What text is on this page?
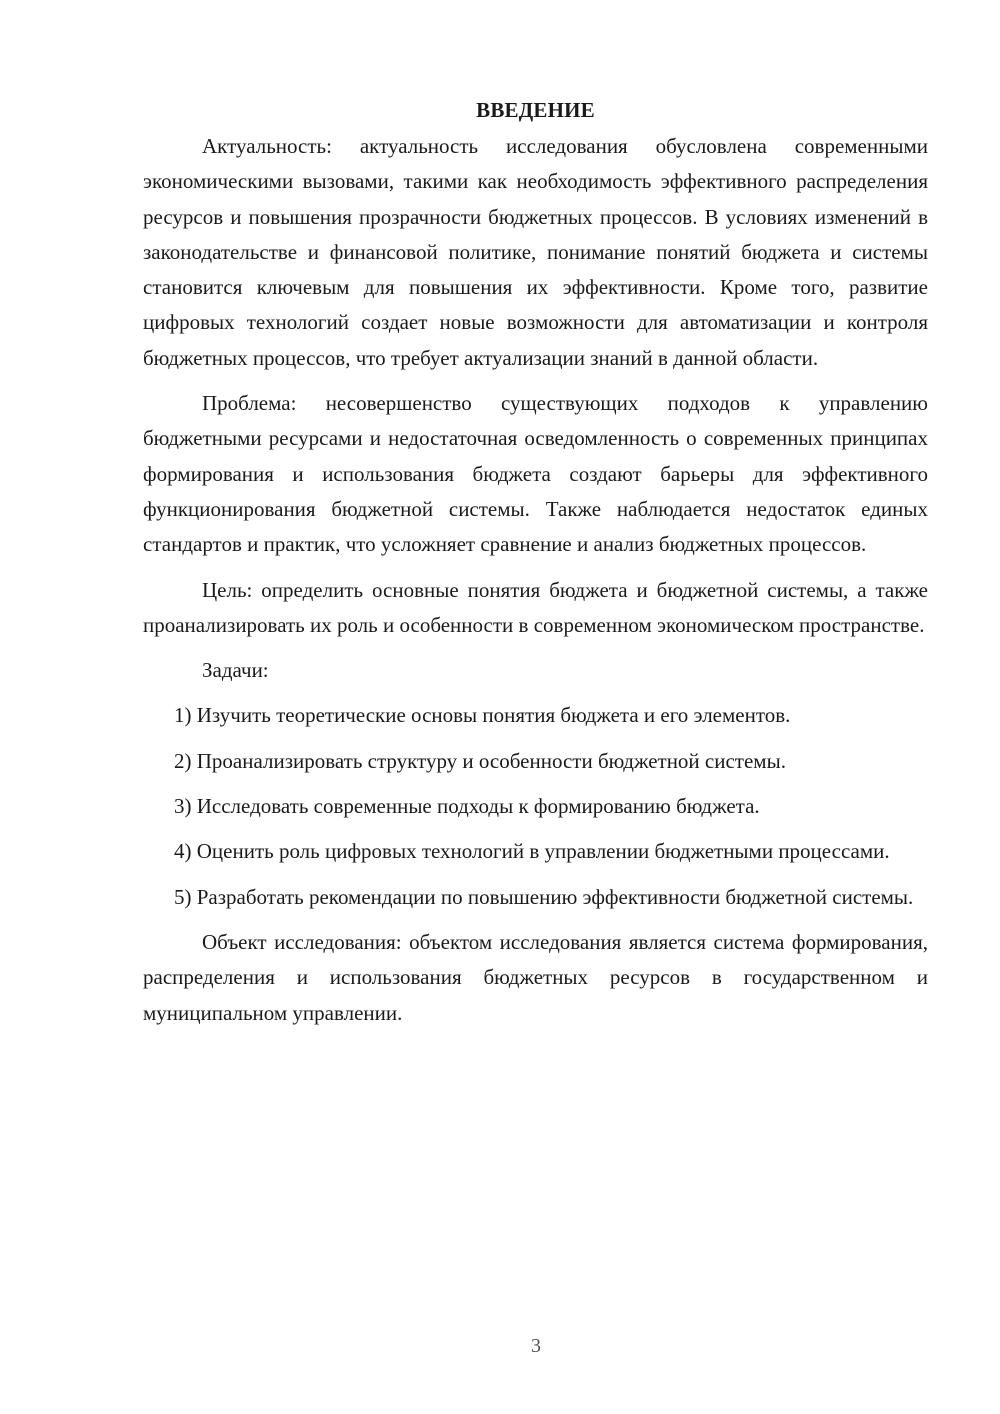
ВВЕДЕНИЕ

Актуальность: актуальность исследования обусловлена современными экономическими вызовами, такими как необходимость эффективного распределения ресурсов и повышения прозрачности бюджетных процессов. В условиях изменений в законодательстве и финансовой политике, понимание понятий бюджета и системы становится ключевым для повышения их эффективности. Кроме того, развитие цифровых технологий создает новые возможности для автоматизации и контроля бюджетных процессов, что требует актуализации знаний в данной области.

Проблема: несовершенство существующих подходов к управлению бюджетными ресурсами и недостаточная осведомленность о современных принципах формирования и использования бюджета создают барьеры для эффективного функционирования бюджетной системы. Также наблюдается недостаток единых стандартов и практик, что усложняет сравнение и анализ бюджетных процессов.

Цель: определить основные понятия бюджета и бюджетной системы, а также проанализировать их роль и особенности в современном экономическом пространстве.

Задачи:

1) Изучить теоретические основы понятия бюджета и его элементов.

2) Проанализировать структуру и особенности бюджетной системы.

3) Исследовать современные подходы к формированию бюджета.

4) Оценить роль цифровых технологий в управлении бюджетными процессами.

5) Разработать рекомендации по повышению эффективности бюджетной системы.

Объект исследования: объектом исследования является система формирования, распределения и использования бюджетных ресурсов в государственном и муниципальном управлении.

3
